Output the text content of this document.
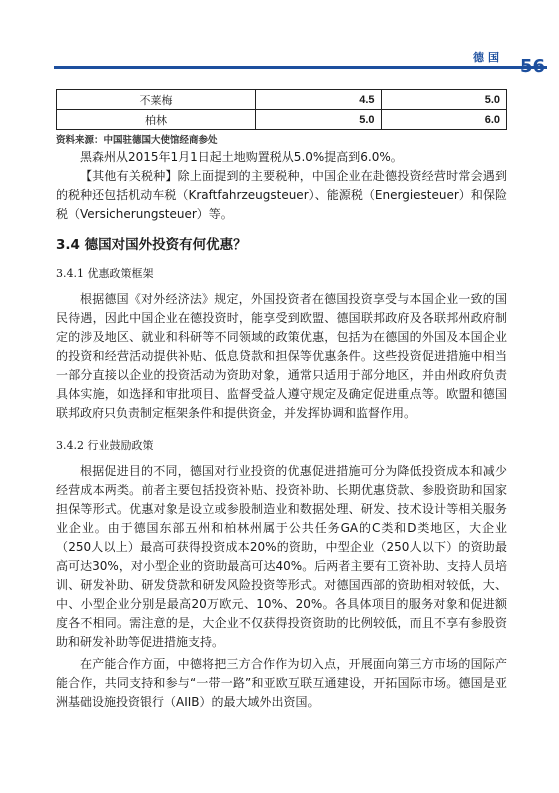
德国 56
不莱梅	4.5	5.0
柏林	5.0	6.0
资料来源：中国驻德国大使馆经商参处
黑森州从2015年1月1日起土地购置税从5.0%提高到6.0%。
【其他有关税种】除上面提到的主要税种，中国企业在赴德投资经营时常会遇到的税种还包括机动车税（Kraftfahrzeugsteuer）、能源税（Energiesteuer）和保险税（Versicherungsteuer）等。
3.4 德国对国外投资有何优惠？
3.4.1 优惠政策框架
根据德国《对外经济法》规定，外国投资者在德国投资享受与本国企业一致的国民待遇，因此中国企业在德投资时，能享受到欧盟、德国联邦政府及各联邦州政府制定的涉及地区、就业和科研等不同领域的政策优惠，包括为在德国的外国及本国企业的投资和经营活动提供补贴、低息贷款和担保等优惠条件。这些投资促进措施中相当一部分直接以企业的投资活动为资助对象，通常只适用于部分地区，并由州政府负责具体实施，如选择和审批项目、监督受益人遵守规定及确定促进重点等。欧盟和德国联邦政府只负责制定框架条件和提供资金，并发挥协调和监督作用。
3.4.2 行业鼓励政策
根据促进目的不同，德国对行业投资的优惠促进措施可分为降低投资成本和减少经营成本两类。前者主要包括投资补贴、投资补助、长期优惠贷款、参股资助和国家担保等形式。优惠对象是设立或参股制造业和数据处理、研发、技术设计等相关服务业企业。由于德国东部五州和柏林州属于公共任务GA的C类和D类地区，大企业（250人以上）最高可获得投资成本20%的资助，中型企业（250人以下）的资助最高可达30%，对小型企业的资助最高可达40%。后两者主要有工资补助、支持人员培训、研发补助、研发贷款和研发风险投资等形式。对德国西部的资助相对较低，大、中、小型企业分别是最高20万欧元、10%、20%。各具体项目的服务对象和促进额度各不相同。需注意的是，大企业不仅获得投资资助的比例较低，而且不享有参股资助和研发补助等促进措施支持。
在产能合作方面，中德将把三方合作作为切入点，开展面向第三方市场的国际产能合作，共同支持和参与“一带一路”和亚欧互联互通建设，开拓国际市场。德国是亚洲基础设施投资银行（AIIB）的最大域外出资国。
